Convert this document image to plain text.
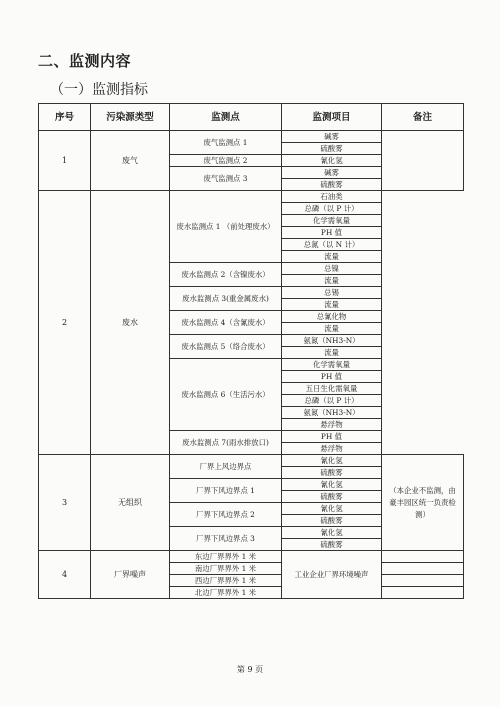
二、监测内容
（一）监测指标
序号	污染源类型	监测点	监测项目	备注
1	废气	废气监测点 1	碱雾	
			硫酸雾	
		废气监测点 2	氰化氢	
		废气监测点 3	碱雾	
			硫酸雾	
2	废水	废水监测点 1 （前处理废水）	石油类	
			总磷（以 P 计）	
			化学需氧量	
			PH 值	
			总氮（以 N 计）	
			流量	
		废水监测点 2（含镍废水）	总镍	
			流量	
		废水监测点 3(重金属废水)	总锡	
			流量	
		废水监测点 4（含氰废水）	总氰化物	
			流量	
		废水监测点 5（络合废水）	氨氮（NH3-N）	
			流量	
		废水监测点 6（生活污水）	化学需氧量	
			PH 值	
			五日生化需氧量	
			总磷（以 P 计）	
			氨氮（NH3-N）	
			悬浮物	
		废水监测点 7(雨水排放口)	PH 值	
			悬浮物	
3	无组织	厂界上风边界点	氰化氢	（本企业不监测，由豪丰园区统一负责检测）
			硫酸雾	
		厂界下风边界点 1	氰化氢	
			硫酸雾	
		厂界下风边界点 2	氰化氢	
			硫酸雾	
		厂界下风边界点 3	氰化氢	
			硫酸雾	
4	厂界噪声	东边厂界界外 1 米	工业企业厂界环境噪声	
		南边厂界界外 1 米		
		西边厂界界外 1 米		
		北边厂界界外 1 米		
第 9 页
